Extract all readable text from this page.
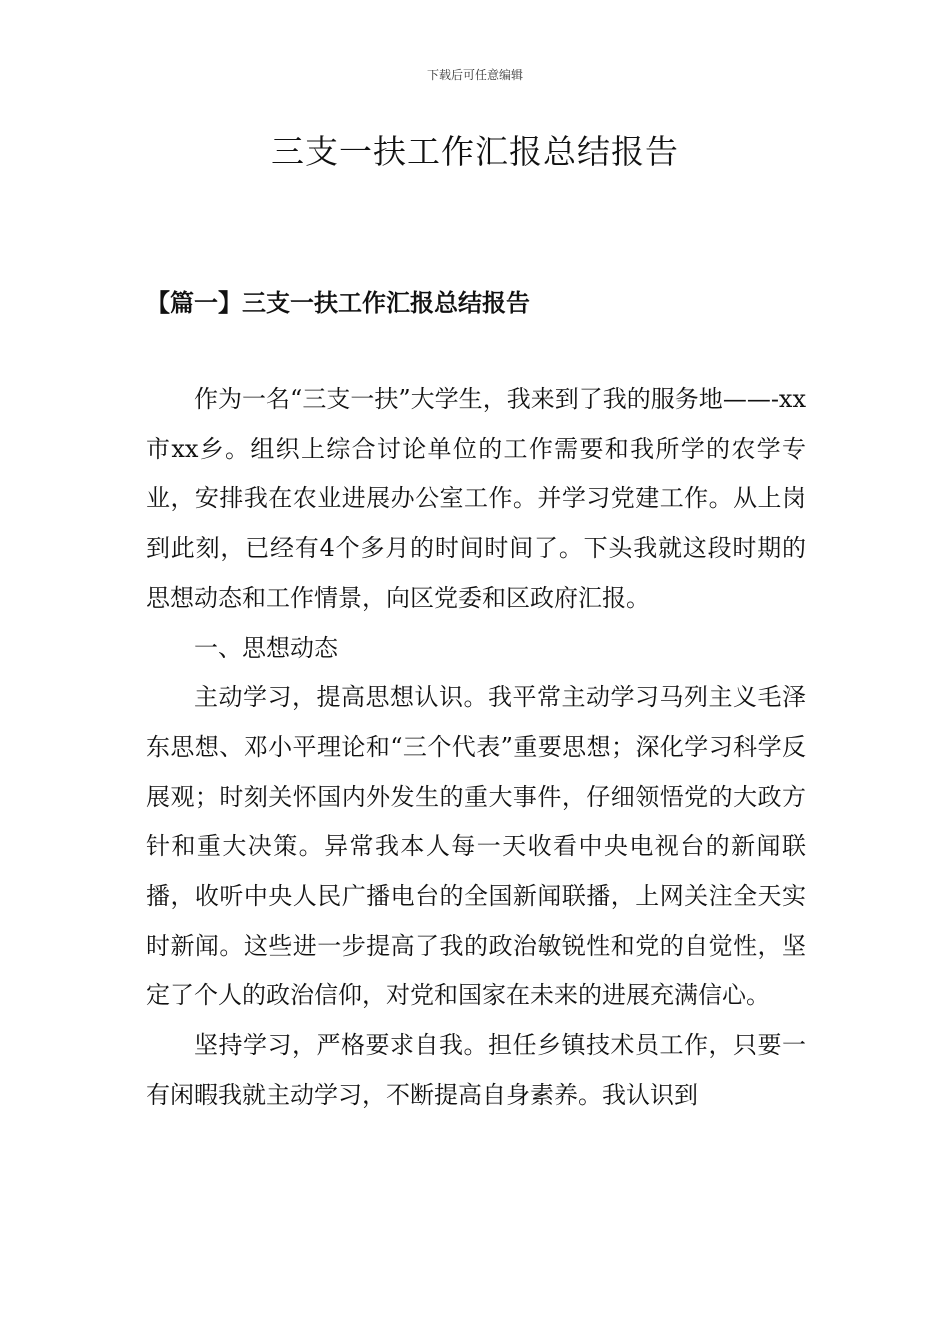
下载后可任意编辑
三支一扶工作汇报总结报告
【篇一】三支一扶工作汇报总结报告

作为一名“三支一扶”大学生，我来到了我的服务地——-xx市xx乡。组织上综合讨论单位的工作需要和我所学的农学专业，安排我在农业进展办公室工作。并学习党建工作。从上岗到此刻，已经有4个多月的时间时间了。下头我就这段时期的思想动态和工作情景，向区党委和区政府汇报。

一、思想动态

主动学习，提高思想认识。我平常主动学习马列主义毛泽东思想、邓小平理论和“三个代表”重要思想；深化学习科学反展观；时刻关怀国内外发生的重大事件，仔细领悟党的大政方针和重大决策。异常我本人每一天收看中央电视台的新闻联播，收听中央人民广播电台的全国新闻联播，上网关注全天实时新闻。这些进一步提高了我的政治敏锐性和党的自觉性，坚定了个人的政治信仰，对党和国家在未来的进展充满信心。

坚持学习，严格要求自我。担任乡镇技术员工作，只要一有闲暇我就主动学习，不断提高自身素养。我认识到
